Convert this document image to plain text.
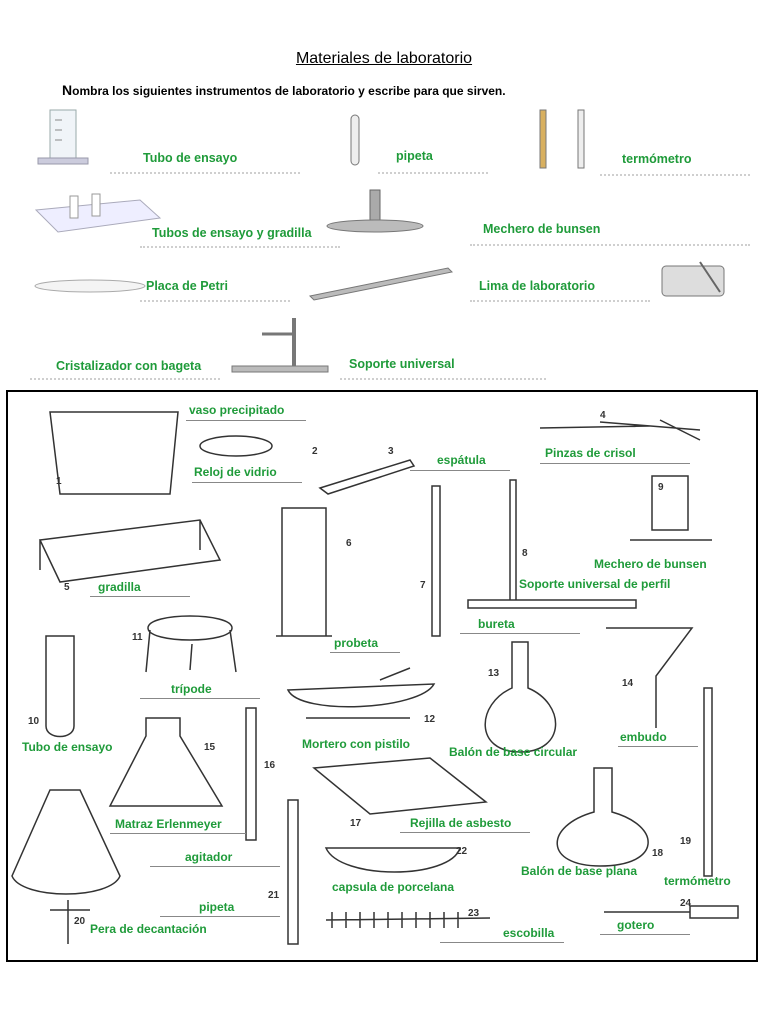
Materiales de laboratorio
Nombra los siguientes instrumentos de laboratorio y escribe para que sirven.
Tubo de ensayo	pipeta	termómetro
Tubos de ensayo y gradilla	Mechero de bunsen
Placa de Petri	Lima de laboratorio
Cristalizador con bageta	Soporte universal
1
2	3
4
5
6
7
8
9
10
11
12
13
14
15
16
17
18
19
20
21
22
23
24
vaso precipitado
Reloj de vidrio
espátula	Pinzas de crisol
Mechero de bunsen
gradilla	Soporte universal de perfil
probeta
bureta
trípode
Mortero con pistilo
Balón de base circular
embudo
Tubo de ensayo
Matraz Erlenmeyer	Rejilla de asbesto
agitador
capsula de porcelana
Balón de base plana
termómetro
pipeta
Pera de decantación	escobilla
gotero
